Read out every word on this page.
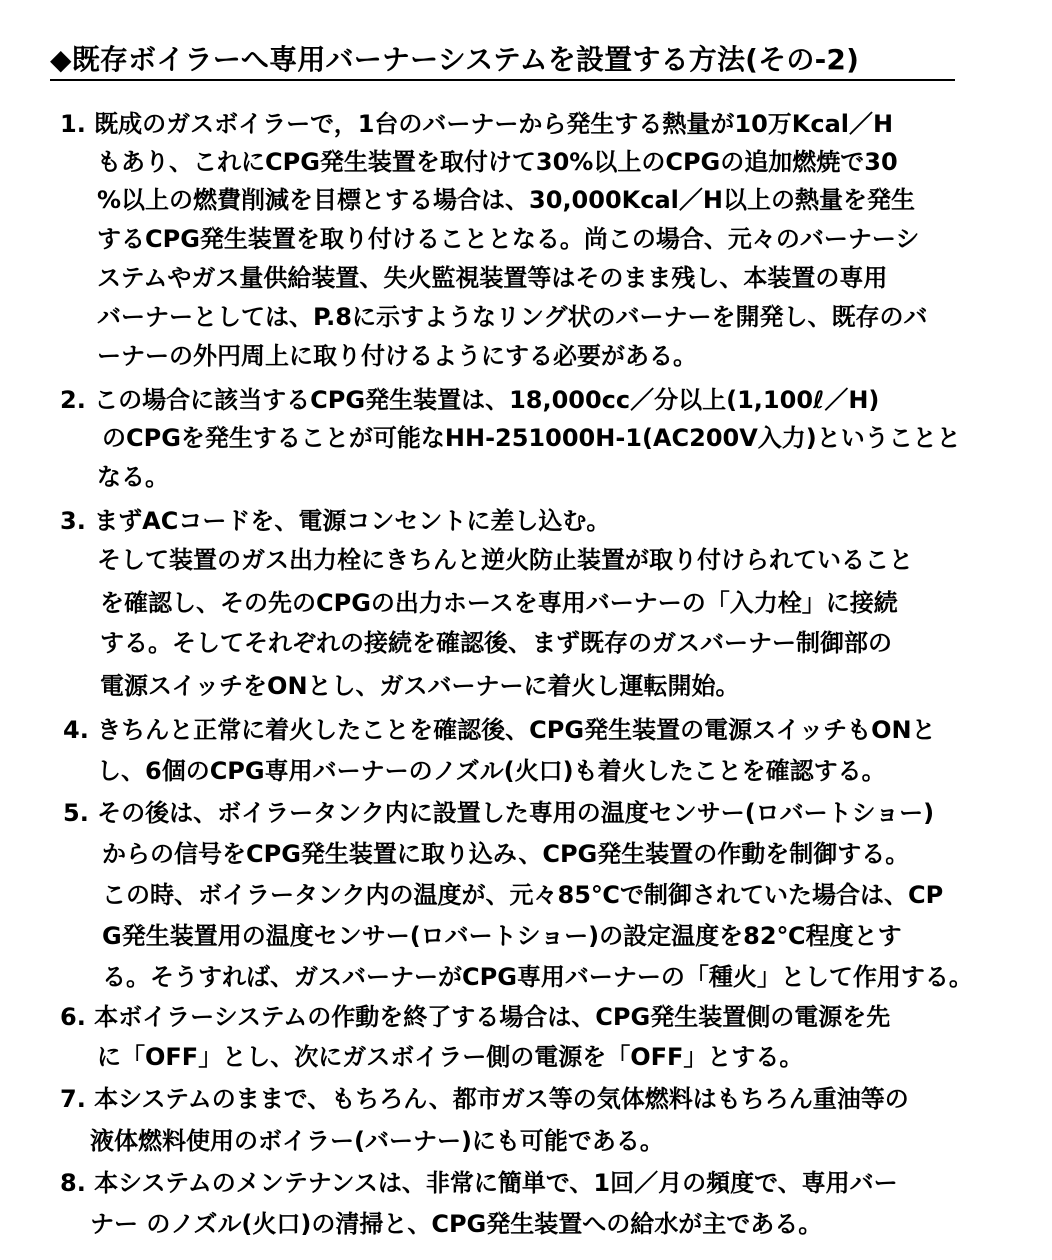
◆既存ボイラーへ専用バーナーシステムを設置する方法(その-2)
1. 既成のガスボイラーで，1台のバーナーから発生する熱量が10万Kcal／H
もあり、これにCPG発生装置を取付けて30%以上のCPGの追加燃焼で30
%以上の燃費削減を目標とする場合は、30,000Kcal／H以上の熱量を発生
するCPG発生装置を取り付けることとなる。尚この場合、元々のバーナーシ
ステムやガス量供給装置、失火監視装置等はそのまま残し、本装置の専用
バーナーとしては、P.8に示すようなリング状のバーナーを開発し、既存のバ
ーナーの外円周上に取り付けるようにする必要がある。
2. この場合に該当するCPG発生装置は、18,000cc／分以上(1,100ℓ／H)
のCPGを発生することが可能なHH-251000H-1(AC200V入力)ということと
なる。
3. まずACコードを、電源コンセントに差し込む。
そして装置のガス出力栓にきちんと逆火防止装置が取り付けられていること
を確認し、その先のCPGの出力ホースを専用バーナーの「入力栓」に接続
する。そしてそれぞれの接続を確認後、まず既存のガスバーナー制御部の
電源スイッチをONとし、ガスバーナーに着火し運転開始。
4. きちんと正常に着火したことを確認後、CPG発生装置の電源スイッチもONと
し、6個のCPG専用バーナーのノズル(火口)も着火したことを確認する。
5. その後は、ボイラータンク内に設置した専用の温度センサー(ロバートショー)
からの信号をCPG発生装置に取り込み、CPG発生装置の作動を制御する。
この時、ボイラータンク内の温度が、元々85℃で制御されていた場合は、CP
G発生装置用の温度センサー(ロバートショー)の設定温度を82℃程度とす
る。そうすれば、ガスバーナーがCPG専用バーナーの「種火」として作用する。
6. 本ボイラーシステムの作動を終了する場合は、CPG発生装置側の電源を先
に「OFF」とし、次にガスボイラー側の電源を「OFF」とする。
7. 本システムのままで、もちろん、都市ガス等の気体燃料はもちろん重油等の
液体燃料使用のボイラー(バーナー)にも可能である。
8. 本システムのメンテナンスは、非常に簡単で、1回／月の頻度で、専用バー
ナー のノズル(火口)の清掃と、CPG発生装置への給水が主である。
